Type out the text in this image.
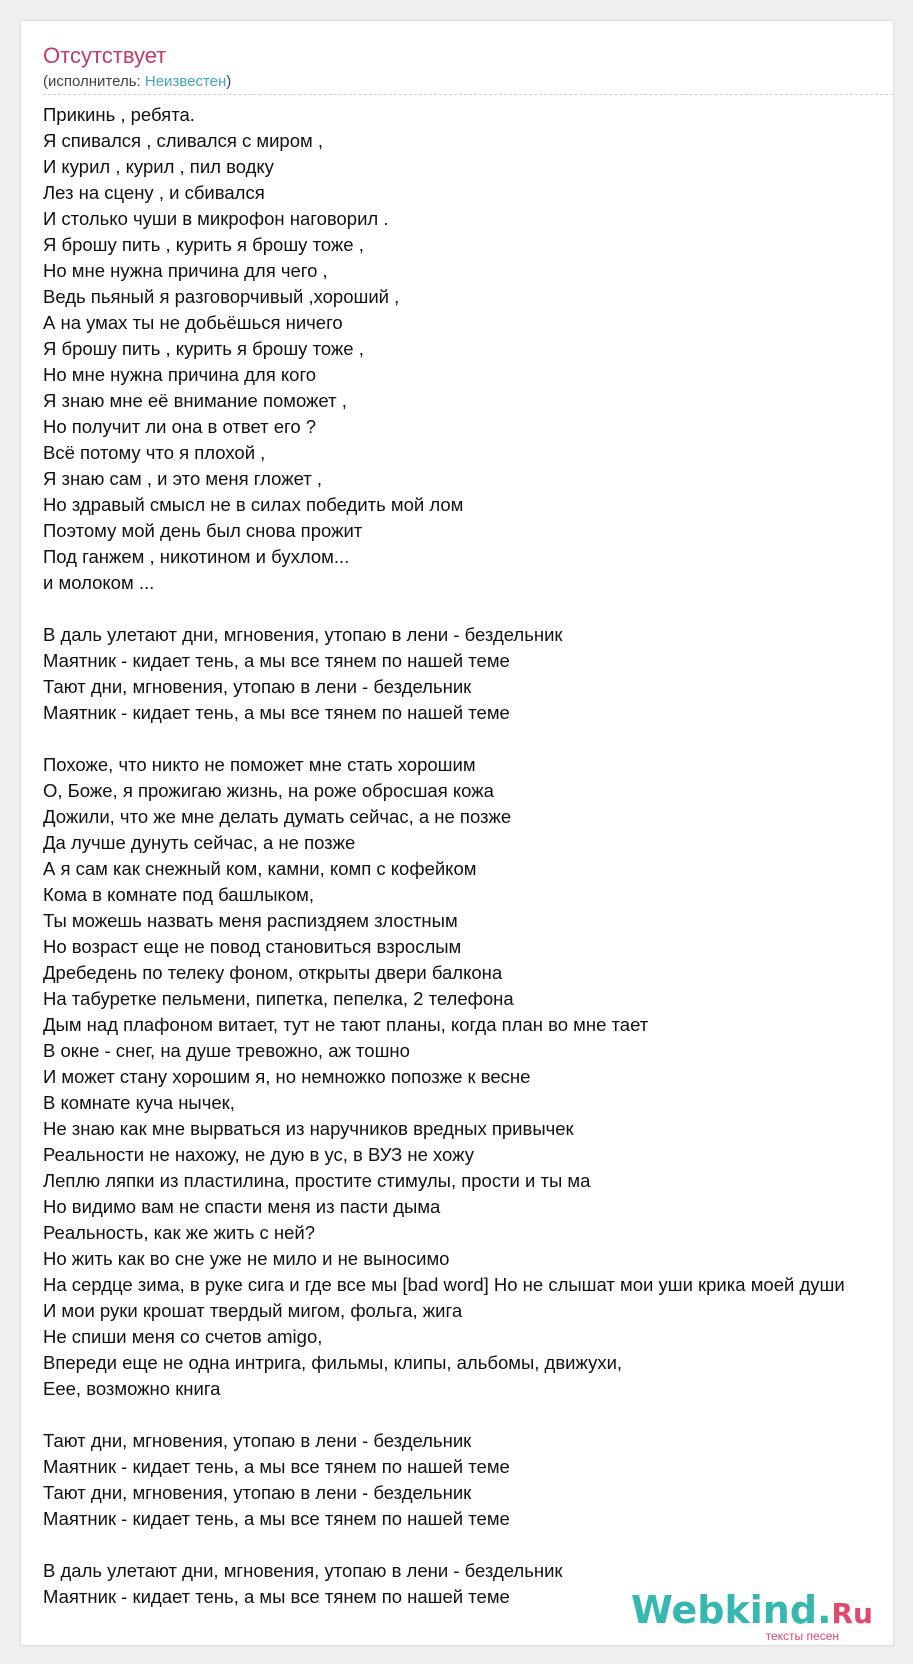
Отсутствует
(исполнитель: Неизвестен)
Прикинь , ребята.
Я спивался , сливался с миром ,
И курил , курил , пил водку
Лез на сцену , и сбивался
И столько чуши в микрофон наговорил .
Я брошу пить , курить я брошу тоже ,
Но мне нужна причина для чего ,
Ведь пьяный я разговорчивый ,хороший ,
А на умах ты не добьёшься ничего
Я брошу пить , курить я брошу тоже ,
Но мне нужна причина для кого
Я знаю мне её внимание поможет ,
Но получит ли она в ответ его ?
Всё потому что я плохой ,
Я знаю сам , и это меня гложет ,
Но здравый смысл не в силах победить мой лом
Поэтому мой день был снова прожит
Под ганжем , никотином и бухлом...
и молоком ...
В даль улетают дни, мгновения, утопаю в лени - бездельник
Маятник - кидает тень, а мы все тянем по нашей теме
Тают дни, мгновения, утопаю в лени - бездельник
Маятник - кидает тень, а мы все тянем по нашей теме
Похоже, что никто не поможет мне стать хорошим
О, Боже, я прожигаю жизнь, на роже обросшая кожа
Дожили, что же мне делать думать сейчас, а не позже
Да лучше дунуть сейчас, а не позже
А я сам как снежный ком, камни, комп с кофейком
Кома в комнате под башлыком,
Ты можешь назвать меня распиздяем злостным
Но возраст еще не повод становиться взрослым
Дребедень по телеку фоном, открыты двери балкона
На табуретке пельмени, пипетка, пепелка, 2 телефона
Дым над плафоном витает, тут не тают планы, когда план во мне тает
В окне - снег, на душе тревожно, аж тошно
И может стану хорошим я, но немножко попозже к весне
В комнате куча нычек,
Не знаю как мне вырваться из наручников вредных привычек
Реальности не нахожу, не дую в ус, в ВУЗ не хожу
Леплю ляпки из пластилина, простите стимулы, прости и ты ма
Но видимо вам не спасти меня из пасти дыма
Реальность, как же жить с ней?
Но жить как во сне уже не мило и не выносимо
На сердце зима, в руке сига и где все мы [bad word] Но не слышат мои уши крика моей души
И мои руки крошат твердый мигом, фольга, жига
Не спиши меня со счетов amigo,
Впереди еще не одна интрига, фильмы, клипы, альбомы, движухи,
Еее, возможно книга
Тают дни, мгновения, утопаю в лени - бездельник
Маятник - кидает тень, а мы все тянем по нашей теме
Тают дни, мгновения, утопаю в лени - бездельник
Маятник - кидает тень, а мы все тянем по нашей теме
В даль улетают дни, мгновения, утопаю в лени - бездельник
Маятник - кидает тень, а мы все тянем по нашей теме	Webkind.Ru
тексты песен
